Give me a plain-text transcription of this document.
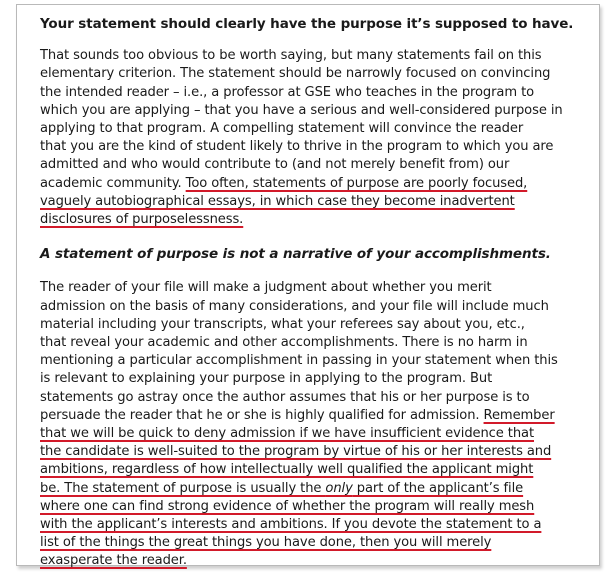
Your statement should clearly have the purpose it’s supposed to have.

That sounds too obvious to be worth saying, but many statements fail on this

elementary criterion. The statement should be narrowly focused on convincing

the intended reader – i.e., a professor at GSE who teaches in the program to

which you are applying – that you have a serious and well-considered purpose in

applying to that program. A compelling statement will convince the reader

that you are the kind of student likely to thrive in the program to which you are

admitted and who would contribute to (and not merely benefit from) our

academic community. Too often, statements of purpose are poorly focused,

vaguely autobiographical essays, in which case they become inadvertent

disclosures of purposelessness.

A statement of purpose is not a narrative of your accomplishments.

The reader of your file will make a judgment about whether you merit

admission on the basis of many considerations, and your file will include much

material including your transcripts, what your referees say about you, etc.,

that reveal your academic and other accomplishments. There is no harm in

mentioning a particular accomplishment in passing in your statement when this

is relevant to explaining your purpose in applying to the program. But

statements go astray once the author assumes that his or her purpose is to

persuade the reader that he or she is highly qualified for admission. Remember

that we will be quick to deny admission if we have insufficient evidence that

the candidate is well-suited to the program by virtue of his or her interests and

ambitions, regardless of how intellectually well qualified the applicant might

be. The statement of purpose is usually the only part of the applicant’s file

where one can find strong evidence of whether the program will really mesh

with the applicant’s interests and ambitions. If you devote the statement to a

list of the things the great things you have done, then you will merely

exasperate the reader.
